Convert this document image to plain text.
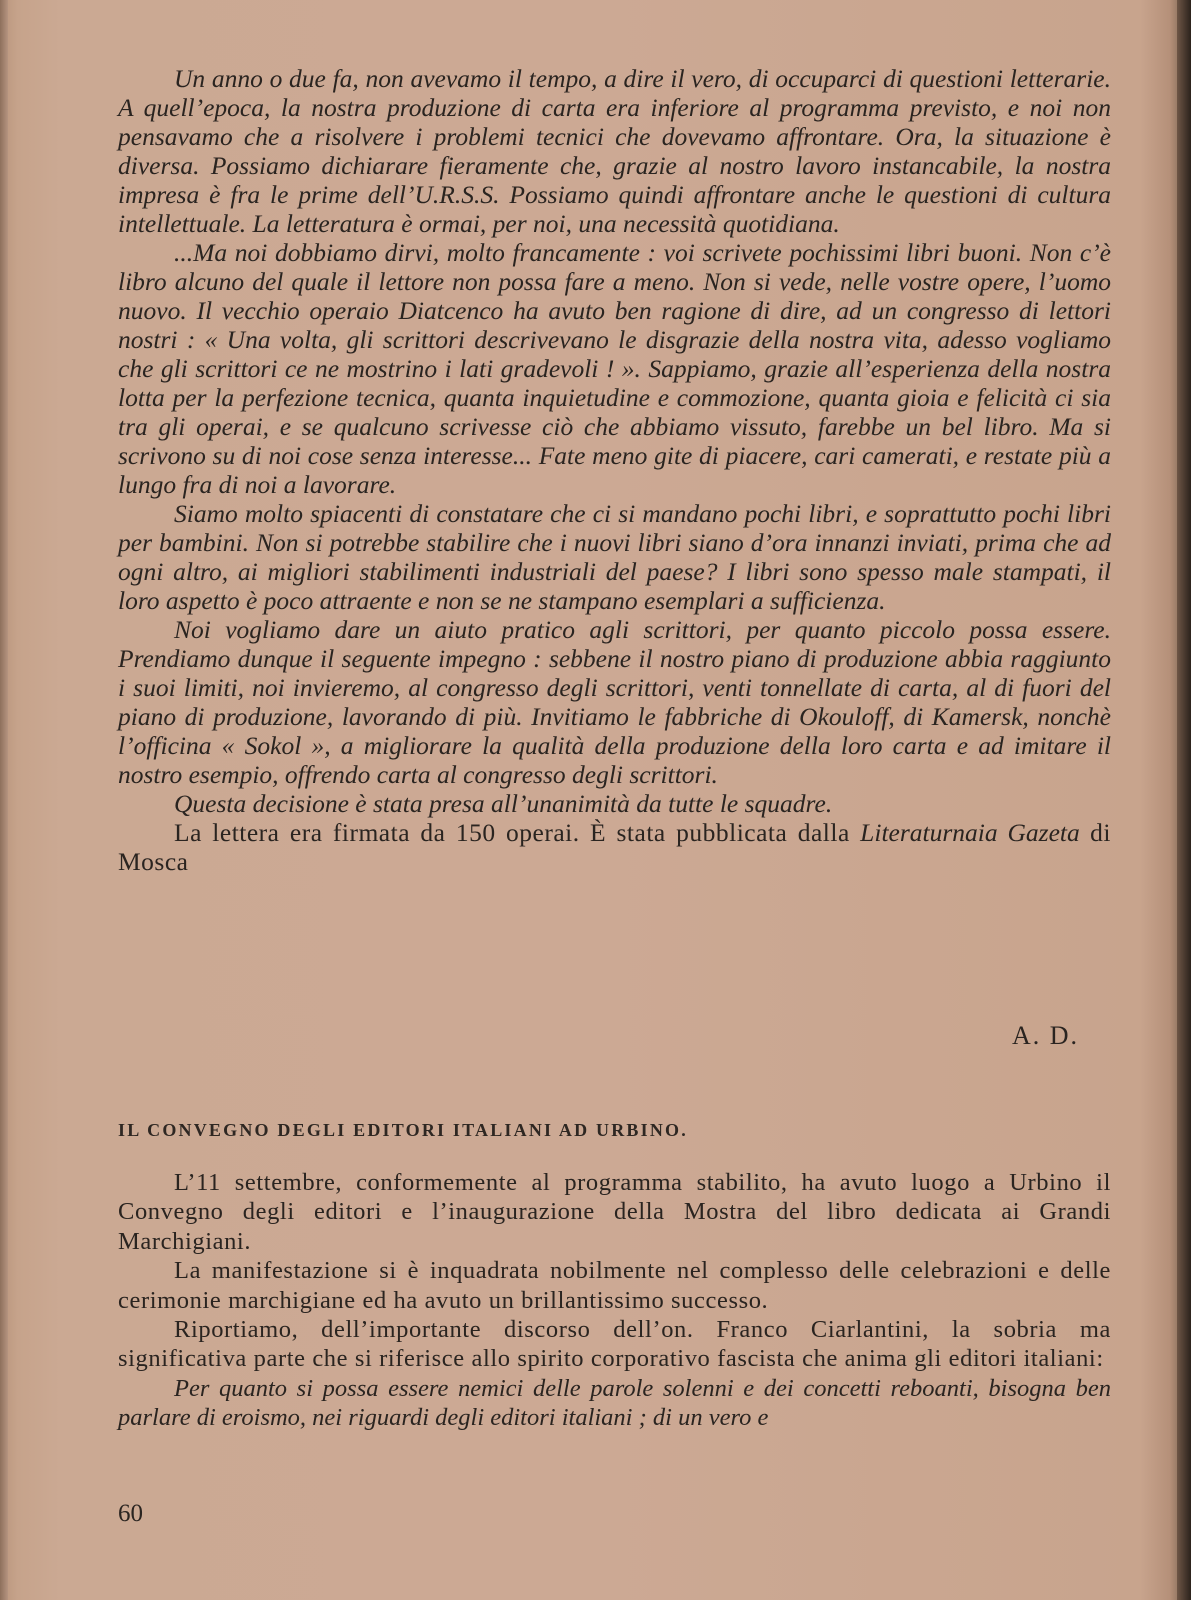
Un anno o due fa, non avevamo il tempo, a dire il vero, di occuparci di questioni letterarie. A quell’epoca, la nostra produzione di carta era inferiore al programma previsto, e noi non pensavamo che a risolvere i problemi tecnici che dovevamo affrontare. Ora, la situazione è diversa. Possiamo dichiarare fieramente che, grazie al nostro lavoro instancabile, la nostra impresa è fra le prime dell’U.R.S.S. Possiamo quindi affrontare anche le questioni di cultura intellettuale. La letteratura è ormai, per noi, una necessità quotidiana.

...Ma noi dobbiamo dirvi, molto francamente : voi scrivete pochissimi libri buoni. Non c’è libro alcuno del quale il lettore non possa fare a meno. Non si vede, nelle vostre opere, l’uomo nuovo. Il vecchio operaio Diatcenco ha avuto ben ragione di dire, ad un congresso di lettori nostri : « Una volta, gli scrittori descrivevano le disgrazie della nostra vita, adesso vogliamo che gli scrittori ce ne mostrino i lati gradevoli ! ». Sappiamo, grazie all’esperienza della nostra lotta per la perfezione tecnica, quanta inquietudine e commozione, quanta gioia e felicità ci sia tra gli operai, e se qualcuno scrivesse ciò che abbiamo vissuto, farebbe un bel libro. Ma si scrivono su di noi cose senza interesse... Fate meno gite di piacere, cari camerati, e restate più a lungo fra di noi a lavorare.

Siamo molto spiacenti di constatare che ci si mandano pochi libri, e soprattutto pochi libri per bambini. Non si potrebbe stabilire che i nuovi libri siano d’ora innanzi inviati, prima che ad ogni altro, ai migliori stabilimenti industriali del paese? I libri sono spesso male stampati, il loro aspetto è poco attraente e non se ne stampano esemplari a sufficienza.

Noi vogliamo dare un aiuto pratico agli scrittori, per quanto piccolo possa essere. Prendiamo dunque il seguente impegno : sebbene il nostro piano di produzione abbia raggiunto i suoi limiti, noi invieremo, al congresso degli scrittori, venti tonnellate di carta, al di fuori del piano di produzione, lavorando di più. Invitiamo le fabbriche di Okouloff, di Kamersk, nonchè l’officina « Sokol », a migliorare la qualità della produzione della loro carta e ad imitare il nostro esempio, offrendo carta al congresso degli scrittori.

Questa decisione è stata presa all’unanimità da tutte le squadre.

La lettera era firmata da 150 operai. È stata pubblicata dalla Literaturnaia Gazeta di Mosca

A. D.
IL CONVEGNO DEGLI EDITORI ITALIANI AD URBINO.

L’11 settembre, conformemente al programma stabilito, ha avuto luogo a Urbino il Convegno degli editori e l’inaugurazione della Mostra del libro dedicata ai Grandi Marchigiani.

La manifestazione si è inquadrata nobilmente nel complesso delle celebrazioni e delle cerimonie marchigiane ed ha avuto un brillantissimo successo.

Riportiamo, dell’importante discorso dell’on. Franco Ciarlantini, la sobria ma significativa parte che si riferisce allo spirito corporativo fascista che anima gli editori italiani:

Per quanto si possa essere nemici delle parole solenni e dei concetti reboanti, bisogna ben parlare di eroismo, nei riguardi degli editori italiani ; di un vero e

60
